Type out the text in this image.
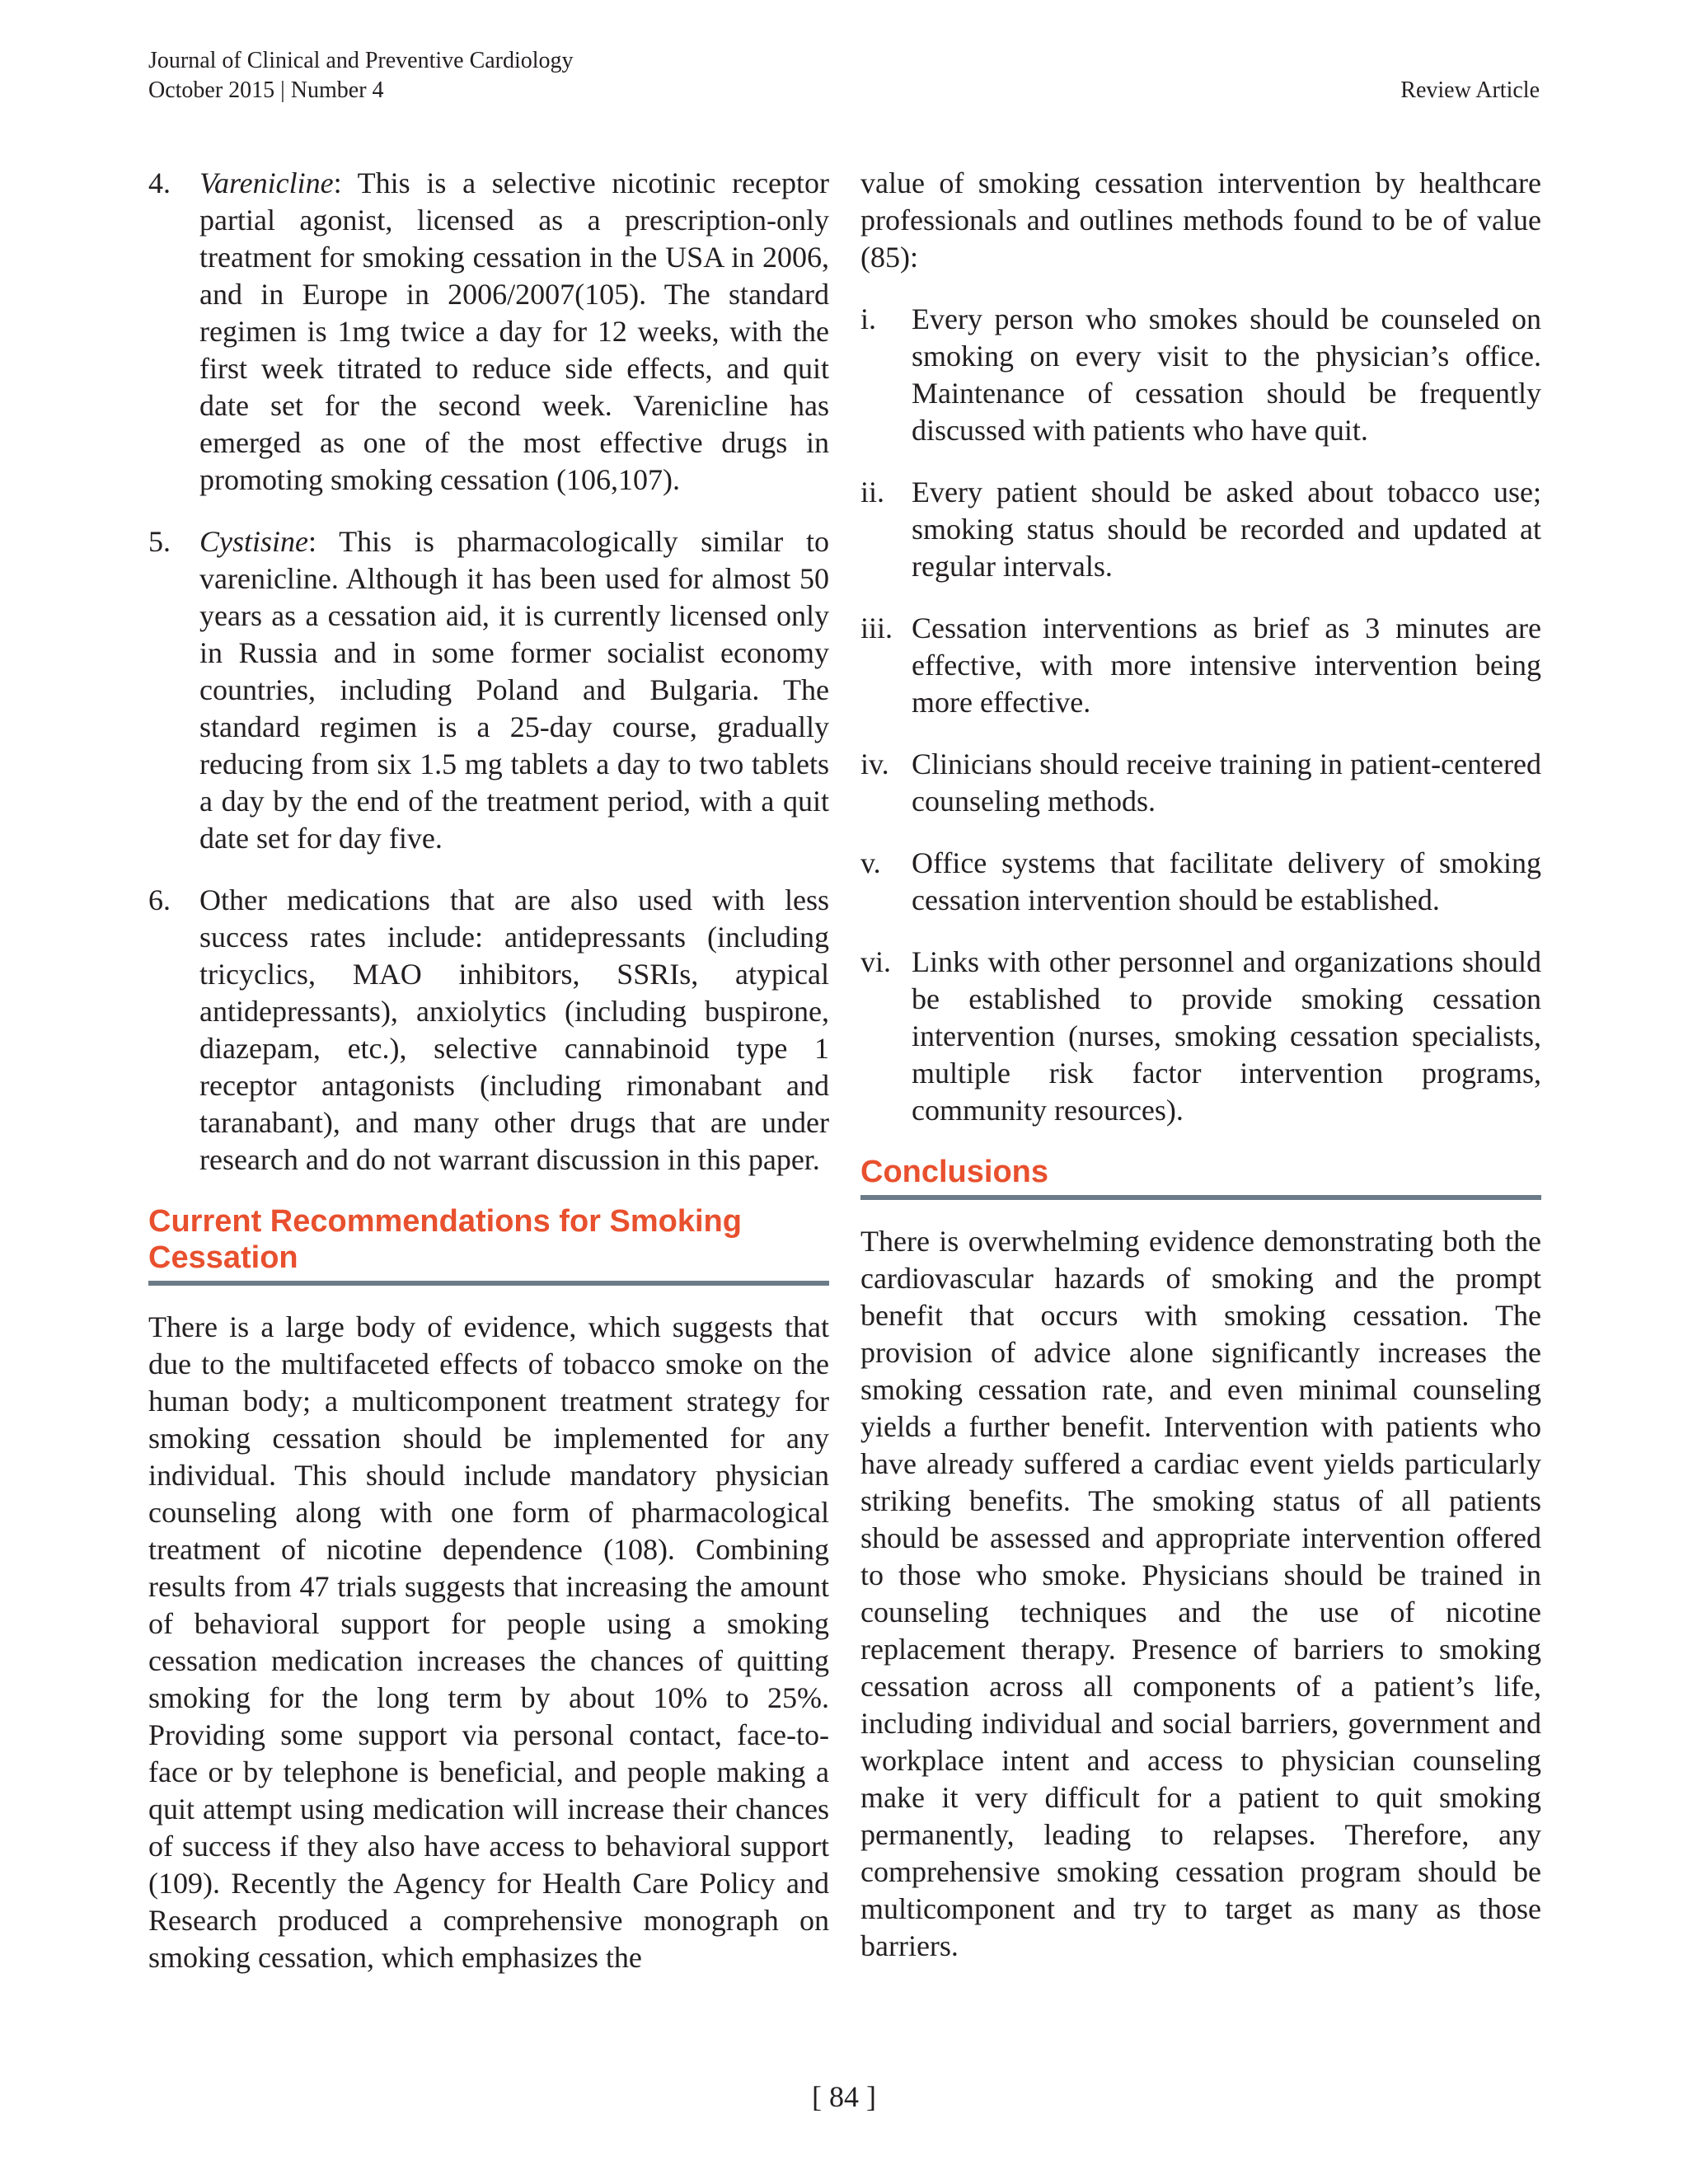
Journal of Clinical and Preventive Cardiology
October 2015 | Number 4	Review Article
4. Varenicline: This is a selective nicotinic receptor partial agonist, licensed as a prescription-only treatment for smoking cessation in the USA in 2006, and in Europe in 2006/2007(105). The standard regimen is 1mg twice a day for 12 weeks, with the first week titrated to reduce side effects, and quit date set for the second week. Varenicline has emerged as one of the most effective drugs in promoting smoking cessation (106,107).
5. Cystisine: This is pharmacologically similar to varenicline. Although it has been used for almost 50 years as a cessation aid, it is currently licensed only in Russia and in some former socialist economy countries, including Poland and Bulgaria. The standard regimen is a 25-day course, gradually reducing from six 1.5 mg tablets a day to two tablets a day by the end of the treatment period, with a quit date set for day five.
6. Other medications that are also used with less success rates include: antidepressants (including tricyclics, MAO inhibitors, SSRIs, atypical antidepressants), anxiolytics (including buspirone, diazepam, etc.), selective cannabinoid type 1 receptor antagonists (including rimonabant and taranabant), and many other drugs that are under research and do not warrant discussion in this paper.
Current Recommendations for Smoking Cessation

There is a large body of evidence, which suggests that due to the multifaceted effects of tobacco smoke on the human body; a multicomponent treatment strategy for smoking cessation should be implemented for any individual. This should include mandatory physician counseling along with one form of pharmacological treatment of nicotine dependence (108). Combining results from 47 trials suggests that increasing the amount of behavioral support for people using a smoking cessation medication increases the chances of quitting smoking for the long term by about 10% to 25%. Providing some support via personal contact, face-to-face or by telephone is beneficial, and people making a quit attempt using medication will increase their chances of success if they also have access to behavioral support (109). Recently the Agency for Health Care Policy and Research produced a comprehensive monograph on smoking cessation, which emphasizes the

value of smoking cessation intervention by healthcare professionals and outlines methods found to be of value (85):

i.	Every person who smokes should be counseled on smoking on every visit to the physician’s office. Maintenance of cessation should be frequently discussed with patients who have quit.
ii. Every patient should be asked about tobacco use; smoking status should be recorded and updated at regular intervals.
iii. Cessation interventions as brief as 3 minutes are effective, with more intensive intervention being more effective.
iv. Clinicians should receive training in patient-centered counseling methods.
v.	Office systems that facilitate delivery of smoking cessation intervention should be established.
vi. Links with other personnel and organizations should be established to provide smoking cessation intervention (nurses, smoking cessation specialists, multiple risk factor intervention programs, community resources).
Conclusions

There is overwhelming evidence demonstrating both the cardiovascular hazards of smoking and the prompt benefit that occurs with smoking cessation. The provision of advice alone significantly increases the smoking cessation rate, and even minimal counseling yields a further benefit. Intervention with patients who have already suffered a cardiac event yields particularly striking benefits. The smoking status of all patients should be assessed and appropriate intervention offered to those who smoke. Physicians should be trained in counseling techniques and the use of nicotine replacement therapy. Presence of barriers to smoking cessation across all components of a patient’s life, including individual and social barriers, government and workplace intent and access to physician counseling make it very difficult for a patient to quit smoking permanently, leading to relapses. Therefore, any comprehensive smoking cessation program should be multicomponent and try to target as many as those barriers.

[ 84 ]
